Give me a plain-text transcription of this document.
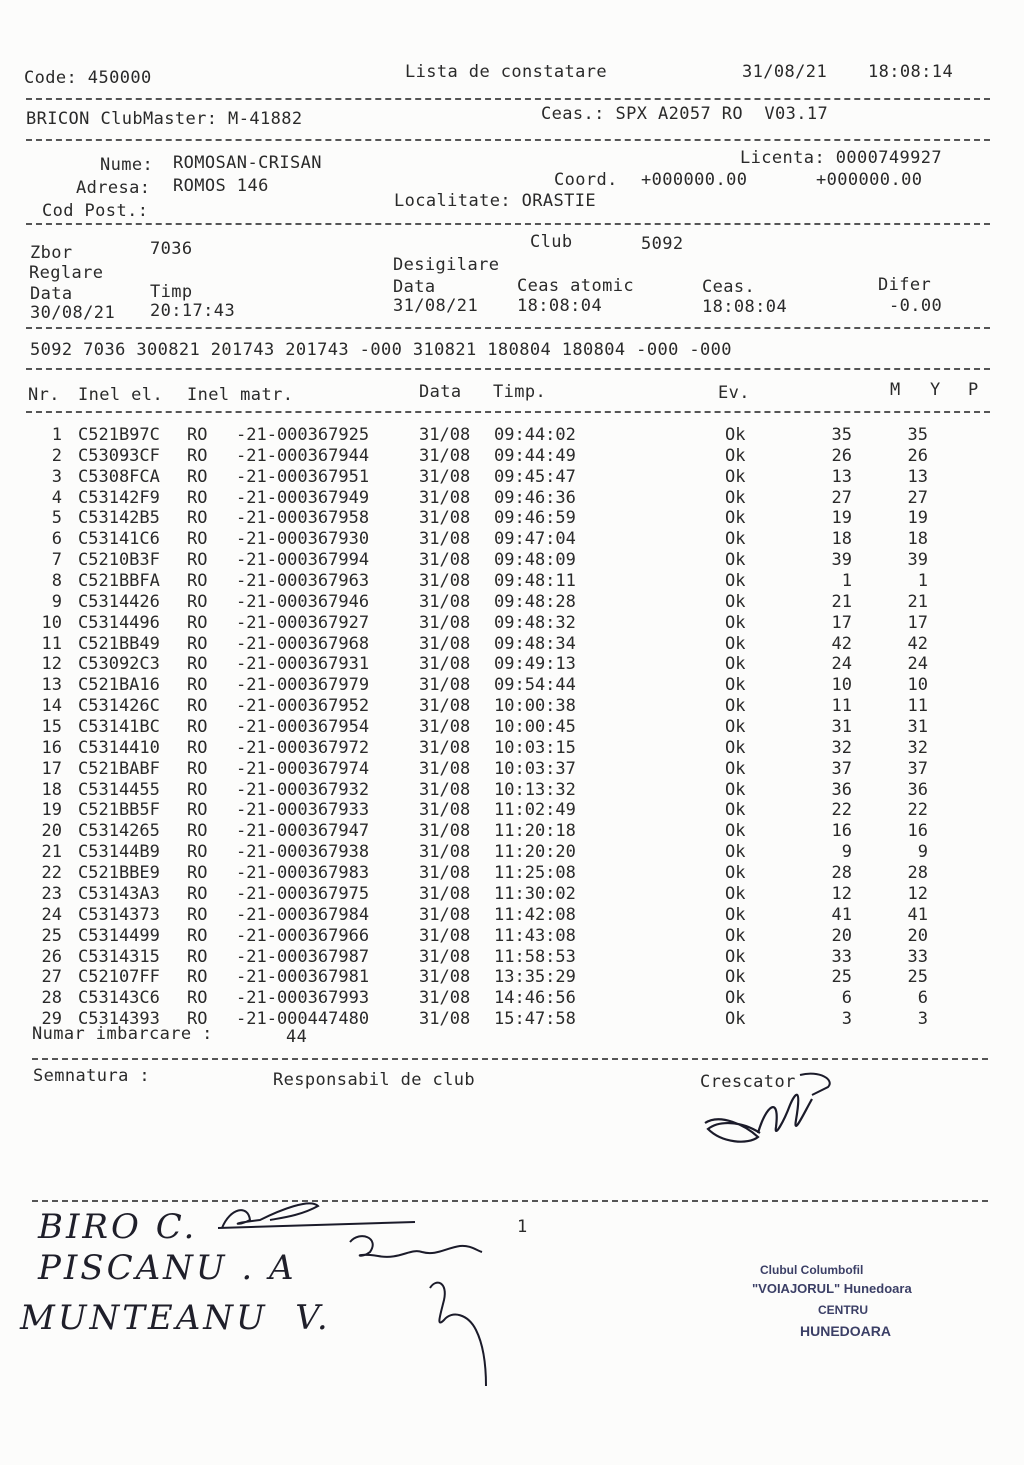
Code: 450000	Lista de constatare	31/08/21 18:08:14
BRICON ClubMaster: M-41882	Ceas.: SPX A2057 RO  V03.17
Nume: ROMOSAN-CRISAN
Adresa: ROMOS 146
Cod Post.:
Licenta: 0000749927
Coord. +000000.00	+000000.00
Localitate: ORASTIE
Zbor	7036	Club	5092
Reglare	Desigilare
Data	Timp
30/08/21 20:17:43
Data
31/08/21
Ceas atomic
18:08:04
Ceas.
18:08:04
Difer
-0.00
5092 7036 300821 201743 201743 -000 310821 180804 180804 -000 -000
Nr. Inel el. Inel matr.	Data Timp.	Ev.	M Y P
1 C521B97C RO -21-000367925	31/08 09:44:02	Ok	35	35
2 C53093CF RO -21-000367944	31/08 09:44:49	Ok	26	26
3 C5308FCA RO -21-000367951	31/08 09:45:47	Ok	13	13
4 C53142F9 RO -21-000367949	31/08 09:46:36	Ok	27	27
5 C53142B5 RO -21-000367958	31/08 09:46:59	Ok	19	19
6 C53141C6 RO -21-000367930	31/08 09:47:04	Ok	18	18
7 C5210B3F RO -21-000367994	31/08 09:48:09	Ok	39	39
8 C521BBFA RO -21-000367963	31/08 09:48:11	Ok	1	1
9 C5314426 RO -21-000367946	31/08 09:48:28	Ok	21	21
10 C5314496 RO -21-000367927	31/08 09:48:32	Ok	17	17
11 C521BB49 RO -21-000367968	31/08 09:48:34	Ok	42	42
12 C53092C3 RO -21-000367931	31/08 09:49:13	Ok	24	24
13 C521BA16 RO -21-000367979	31/08 09:54:44	Ok	10	10
14 C531426C RO -21-000367952	31/08 10:00:38	Ok	11	11
15 C53141BC RO -21-000367954	31/08 10:00:45	Ok	31	31
16 C5314410 RO -21-000367972	31/08 10:03:15	Ok	32	32
17 C521BABF RO -21-000367974	31/08 10:03:37	Ok	37	37
18 C5314455 RO -21-000367932	31/08 10:13:32	Ok	36	36
19 C521BB5F RO -21-000367933	31/08 11:02:49	Ok	22	22
20 C5314265 RO -21-000367947	31/08 11:20:18	Ok	16	16
21 C53144B9 RO -21-000367938	31/08 11:20:20	Ok	9	9
22 C521BBE9 RO -21-000367983	31/08 11:25:08	Ok	28	28
23 C53143A3 RO -21-000367975	31/08 11:30:02	Ok	12	12
24 C5314373 RO -21-000367984	31/08 11:42:08	Ok	41	41
25 C5314499 RO -21-000367966	31/08 11:43:08	Ok	20	20
26 C5314315 RO -21-000367987	31/08 11:58:53	Ok	33	33
27 C52107FF RO -21-000367981	31/08 13:35:29	Ok	25	25
28 C53143C6 RO -21-000367993	31/08 14:46:56	Ok	6	6
29 C5314393 RO -21-000447480	31/08 15:47:58	Ok	3	3
Numar imbarcare :	44
Semnatura :	Responsabil de club	Crescator
1
BIRO C.
PISCANU . A
MUNTEANU  V.
Clubul Columbofil
"VOIAJORUL" Hunedoara
CENTRU
HUNEDOARA
